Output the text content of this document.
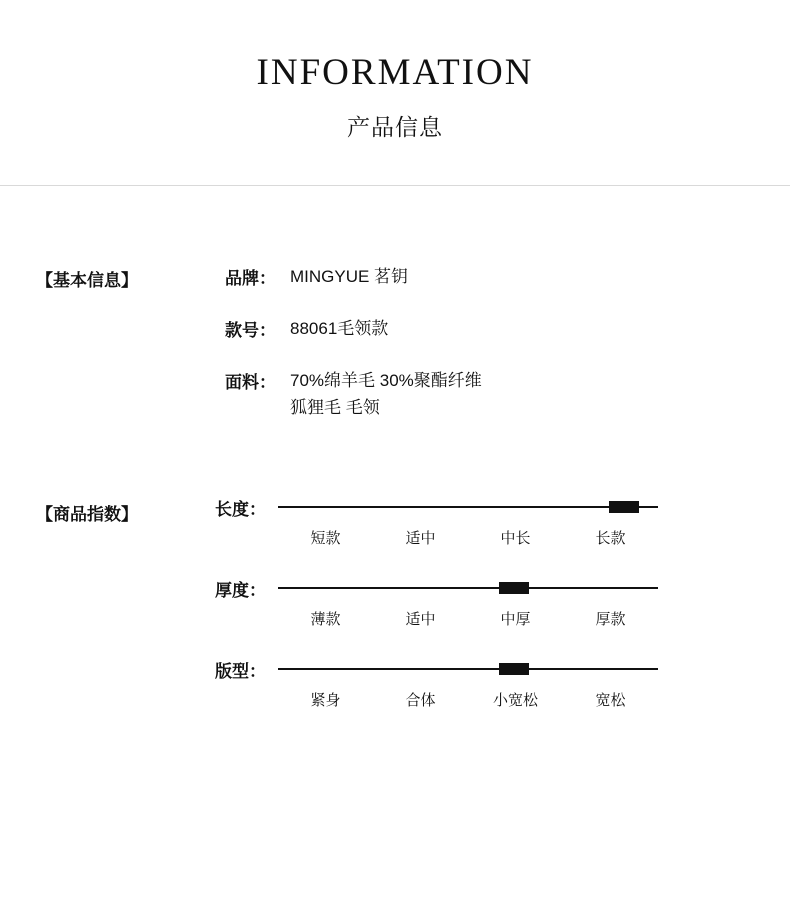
INFORMATION
产品信息
【基本信息】	品牌： MINGYUE 茗钥
款号： 88061毛领款
面料： 70%绵羊毛 30%聚酯纤维
狐狸毛 毛领
【商品指数】	长度：
短款	适中	中长	长款
厚度：
薄款	适中	中厚	厚款
版型：
紧身	合体	小宽松	宽松
